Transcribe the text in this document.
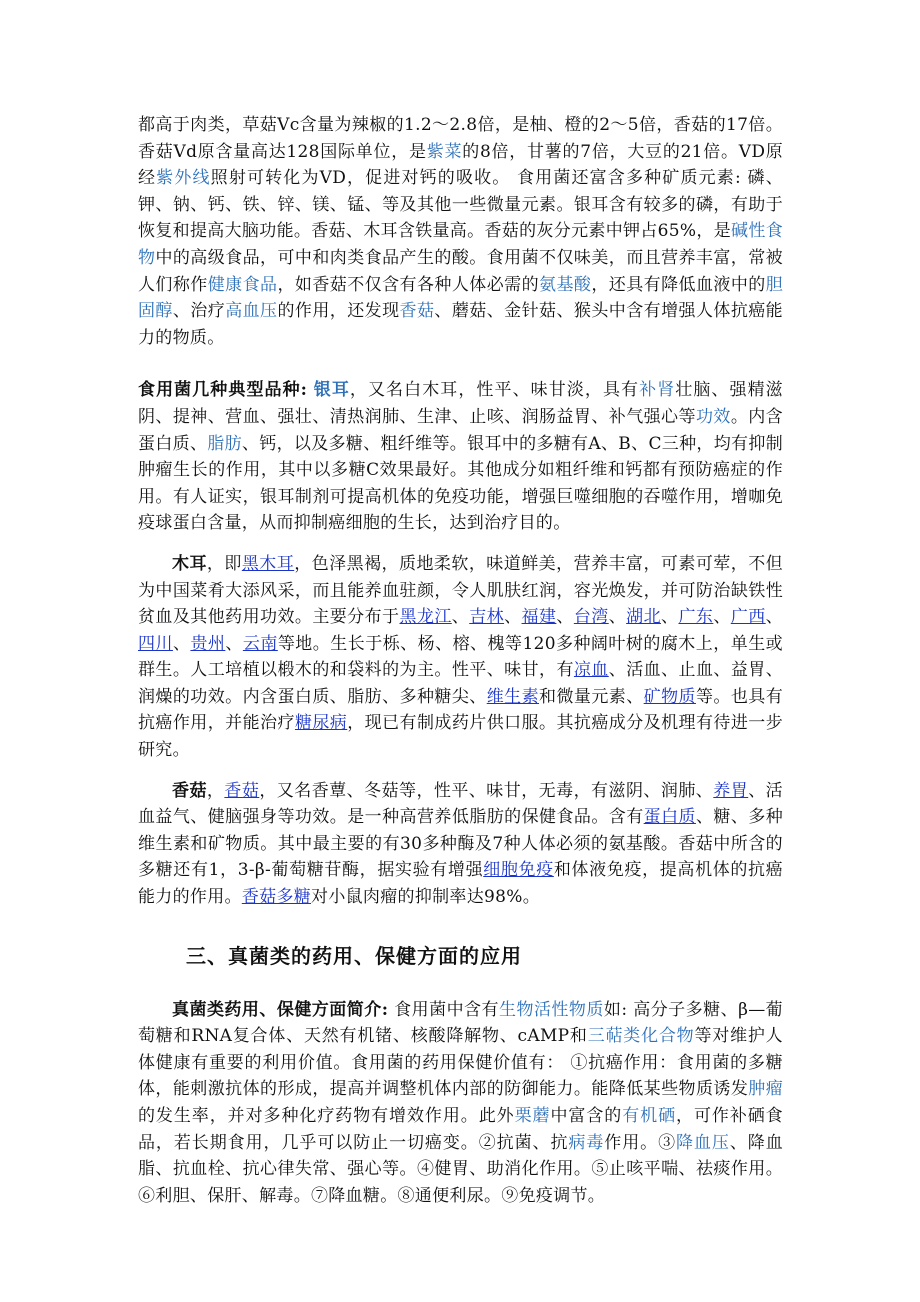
都高于肉类，草菇Vc含量为辣椒的1.2～2.8倍，是柚、橙的2～5倍，香菇的17倍。香菇Vd原含量高达128国际单位，是紫菜的8倍，甘薯的7倍，大豆的21倍。VD原经紫外线照射可转化为VD，促进对钙的吸收。 食用菌还富含多种矿质元素: 磷、钾、钠、钙、铁、锌、镁、锰、等及其他一些微量元素。银耳含有较多的磷，有助于恢复和提高大脑功能。香菇、木耳含铁量高。香菇的灰分元素中钾占65%，是碱性食物中的高级食品，可中和肉类食品产生的酸。食用菌不仅味美，而且营养丰富，常被人们称作健康食品，如香菇不仅含有各种人体必需的氨基酸，还具有降低血液中的胆固醇、治疗高血压的作用，还发现香菇、蘑菇、金针菇、猴头中含有增强人体抗癌能力的物质。

食用菌几种典型品种: 银耳，又名白木耳，性平、味甘淡，具有补肾壮脑、强精滋阴、提神、营血、强壮、清热润肺、生津、止咳、润肠益胃、补气强心等功效。内含蛋白质、脂肪、钙，以及多糖、粗纤维等。银耳中的多糖有A、B、C三种，均有抑制肿瘤生长的作用，其中以多糖C效果最好。其他成分如粗纤维和钙都有预防癌症的作用。有人证实，银耳制剂可提高机体的免疫功能，增强巨噬细胞的吞噬作用，增咖免疫球蛋白含量，从而抑制癌细胞的生长，达到治疗目的。

木耳，即黑木耳，色泽黑褐，质地柔软，味道鲜美，营养丰富，可素可荤，不但为中国菜肴大添风采，而且能养血驻颜，令人肌肤红润，容光焕发，并可防治缺铁性贫血及其他药用功效。主要分布于黑龙江、吉林、福建、台湾、湖北、广东、广西、四川、贵州、云南等地。生长于栎、杨、榕、槐等120多种阔叶树的腐木上，单生或群生。人工培植以椴木的和袋料的为主。性平、味甘，有凉血、活血、止血、益胃、润燥的功效。内含蛋白质、脂肪、多种糖尖、维生素和微量元素、矿物质等。也具有抗癌作用，并能治疗糖尿病，现已有制成药片供口服。其抗癌成分及机理有待进一步研究。

香菇，香菇，又名香蕈、冬菇等，性平、味甘，无毒，有滋阴、润肺、养胃、活血益气、健脑强身等功效。是一种高营养低脂肪的保健食品。含有蛋白质、糖、多种维生素和矿物质。其中最主要的有30多种酶及7种人体必须的氨基酸。香菇中所含的多糖还有1，3-β-葡萄糖苷酶，据实验有增强细胞免疫和体液免疫，提高机体的抗癌能力的作用。香菇多糖对小鼠肉瘤的抑制率达98%。

三、真菌类的药用、保健方面的应用

真菌类药用、保健方面简介: 食用菌中含有生物活性物质如: 高分子多糖、β—葡萄糖和RNA复合体、天然有机锗、核酸降解物、cAMP和三萜类化合物等对维护人体健康有重要的利用价值。食用菌的药用保健价值有： ①抗癌作用：食用菌的多糖体，能刺激抗体的形成，提高并调整机体内部的防御能力。能降低某些物质诱发肿瘤的发生率，并对多种化疗药物有增效作用。此外栗蘑中富含的有机硒，可作补硒食品，若长期食用，几乎可以防止一切癌变。②抗菌、抗病毒作用。③降血压、降血脂、抗血栓、抗心律失常、强心等。④健胃、助消化作用。⑤止咳平喘、祛痰作用。⑥利胆、保肝、解毒。⑦降血糖。⑧通便利尿。⑨免疫调节。
